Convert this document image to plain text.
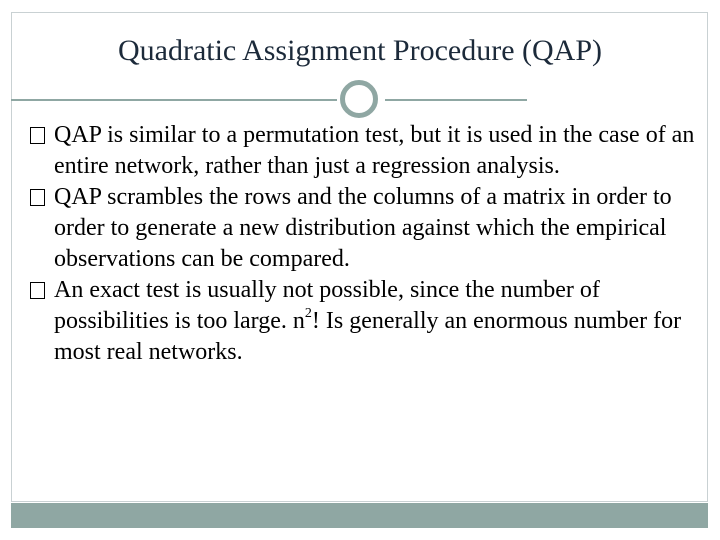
Quadratic Assignment Procedure (QAP)
QAP is similar to a permutation test, but it is used in the case of an entire network, rather than just a regression analysis.
QAP scrambles the rows and the columns of a matrix in order to order to generate a new distribution against which the empirical observations can be compared.
An exact test is usually not possible, since the number of possibilities is too large. $n^2$! Is generally an enormous number for most real networks.
